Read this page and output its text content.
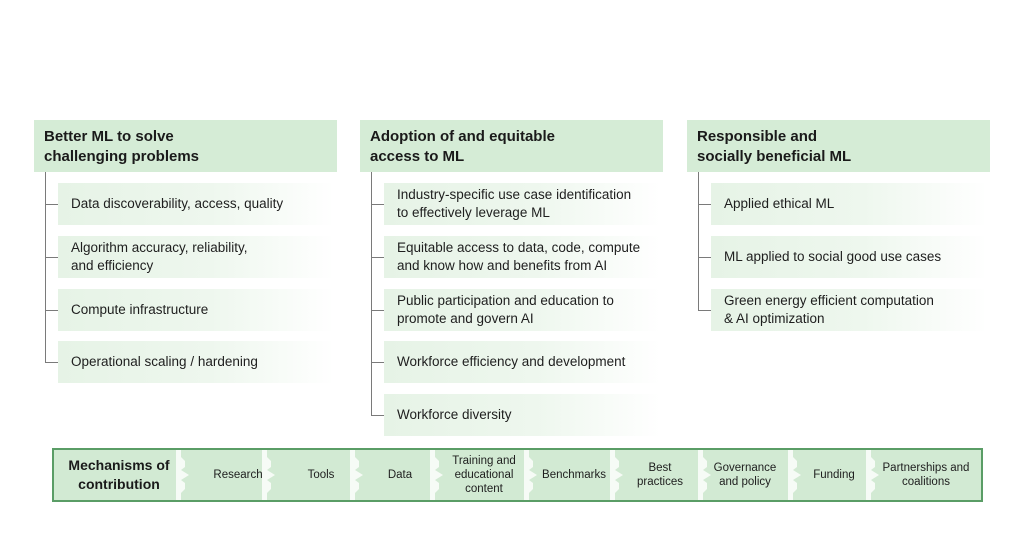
Better ML to solve
challenging problems
Data discoverability, access, quality
Algorithm accuracy, reliability,
and efficiency
Compute infrastructure
Operational scaling / hardening
Adoption of and equitable
access to ML
Industry-specific use case identification
to effectively leverage ML
Equitable access to data, code, compute
and know how and benefits from AI
Public participation and education to
promote and govern AI
Workforce efficiency and development
Workforce diversity
Responsible and
socially beneficial ML
Applied ethical ML
ML applied to social good use cases
Green energy efficient computation
& AI optimization
Mechanisms of
contribution
Research	Tools	Data
Training and
educational
content
Benchmarks
Best
practices
Governance
and policy
Funding
Partnerships and
coalitions
